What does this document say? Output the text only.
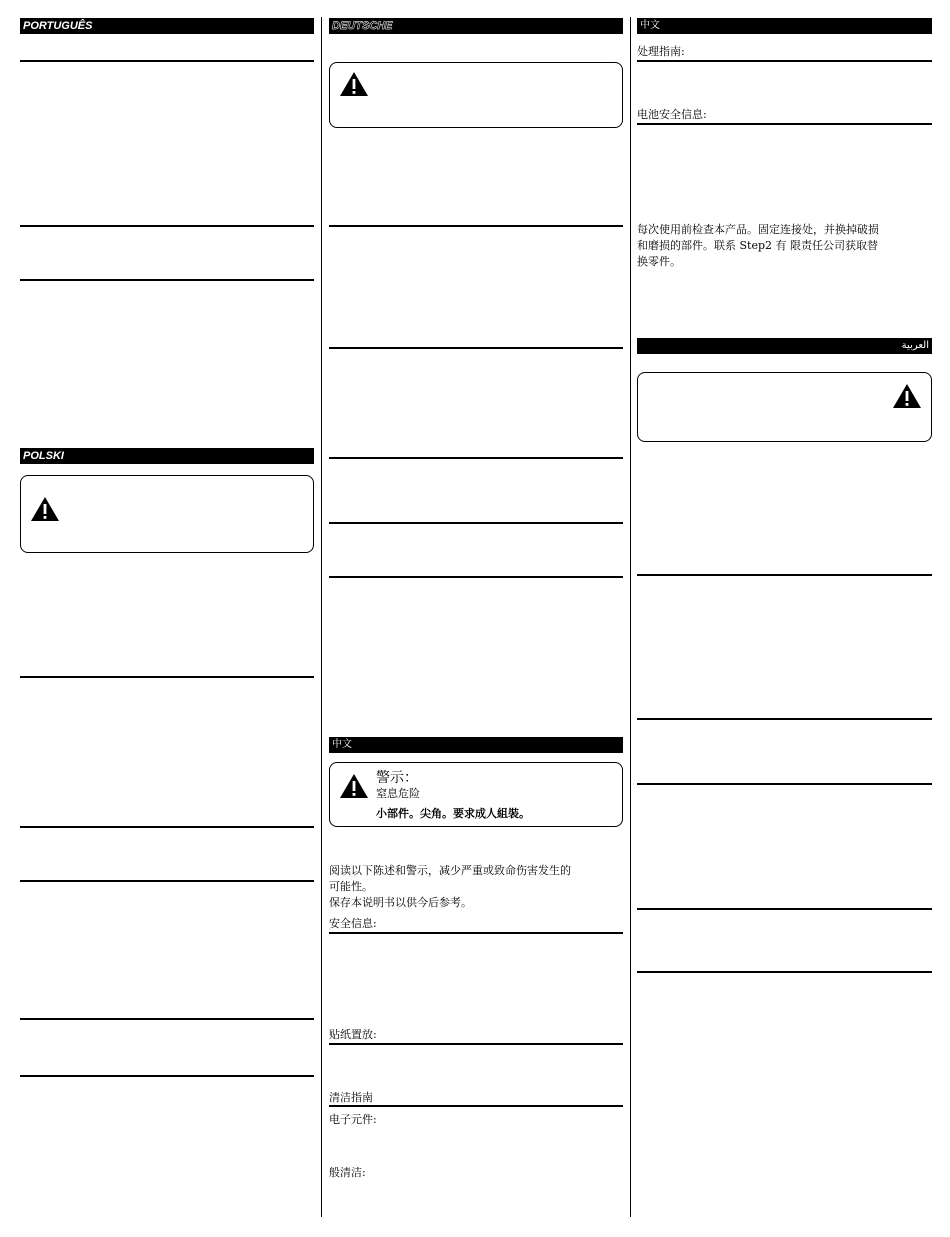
PORTUGUÊS
POLSKI
DEUTSCHE
中文
警示：
窒息危险
小部件。尖角。要求成人組裝。
阅读以下陈述和警示，减少严重或致命伤害发生的
可能性。
保存本说明书以供今后参考。
安全信息:
贴纸置放:
清洁指南
电子元件:
般清洁:
中文
处理指南:
电池安全信息:
每次使用前检查本产品。固定连接处，并换掉破损
和磨损的部件。联系 Step2 有 限责任公司获取替
换零件。
العربية
